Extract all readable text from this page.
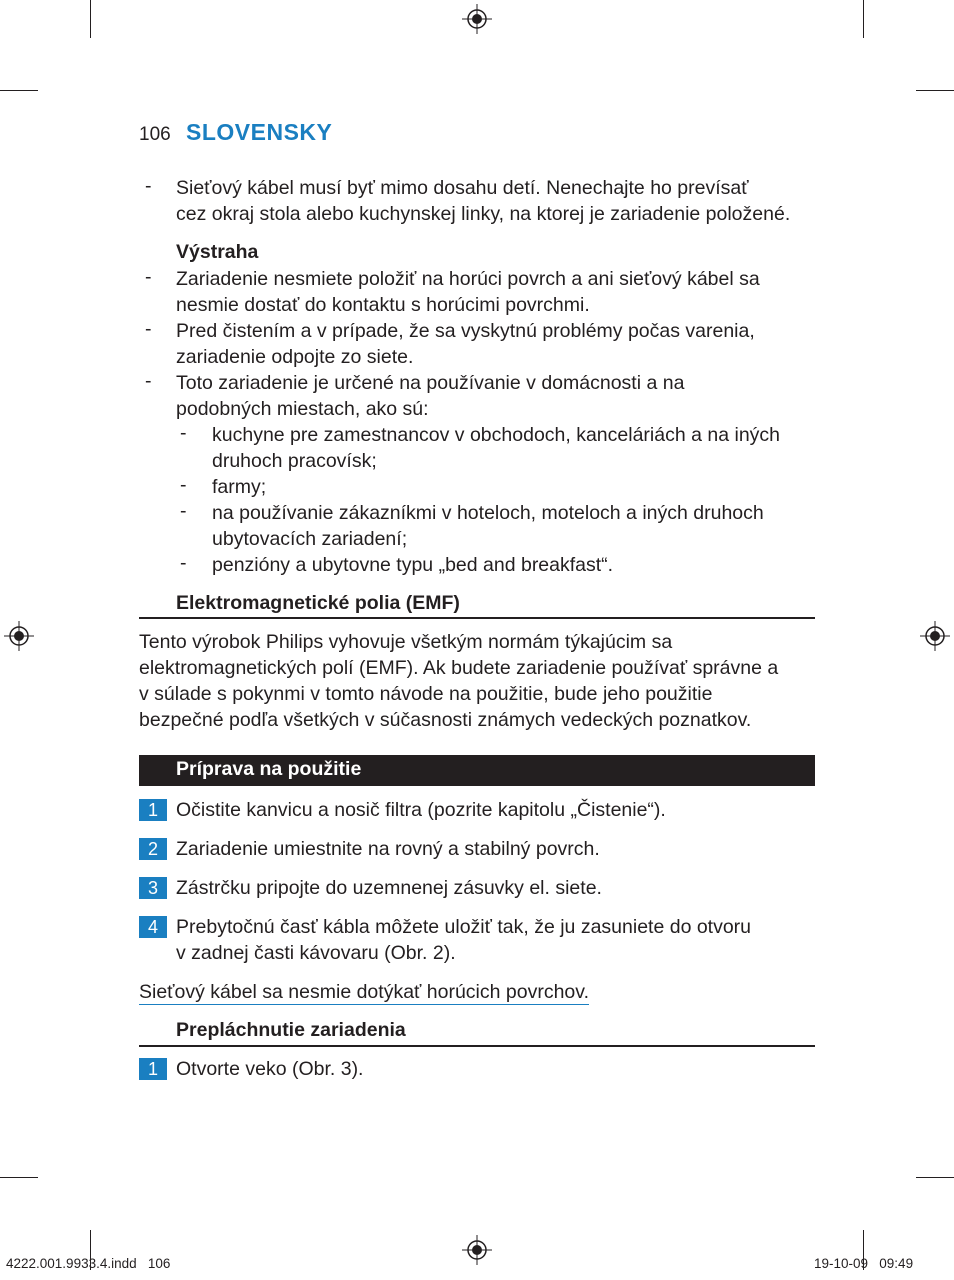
106 SLOVENSKY
- Sieťový kábel musí byť mimo dosahu detí. Nenechajte ho prevísať
cez okraj stola alebo kuchynskej linky, na ktorej je zariadenie položené.
Výstraha
- Zariadenie nesmiete položiť na horúci povrch a ani sieťový kábel sa
nesmie dostať do kontaktu s horúcimi povrchmi.
- Pred čistením a v prípade, že sa vyskytnú problémy počas varenia,
zariadenie odpojte zo siete.
- Toto zariadenie je určené na používanie v domácnosti a na
podobných miestach, ako sú:
- kuchyne pre zamestnancov v obchodoch, kanceláriách a na iných
druhoch pracovísk;
- farmy;
- na používanie zákazníkmi v hoteloch, moteloch a iných druhoch
ubytovacích zariadení;
- penzióny a ubytovne typu „bed and breakfast“.
Elektromagnetické polia (EMF)
Tento výrobok Philips vyhovuje všetkým normám týkajúcim sa
elektromagnetických polí (EMF). Ak budete zariadenie používať správne a
v súlade s pokynmi v tomto návode na použitie, bude jeho použitie
bezpečné podľa všetkých v súčasnosti známych vedeckých poznatkov.
Príprava na použitie
1 Očistite kanvicu a nosič filtra (pozrite kapitolu „Čistenie“).
2 Zariadenie umiestnite na rovný a stabilný povrch.
3 Zástrčku pripojte do uzemnenej zásuvky el. siete.
4 Prebytočnú časť kábla môžete uložiť tak, že ju zasuniete do otvoru
v zadnej časti kávovaru (Obr. 2).
Sieťový kábel sa nesmie dotýkať horúcich povrchov.
Prepláchnutie zariadenia
1 Otvorte veko (Obr. 3).
4222.001.9933.4.indd   106	19-10-09   09:49
